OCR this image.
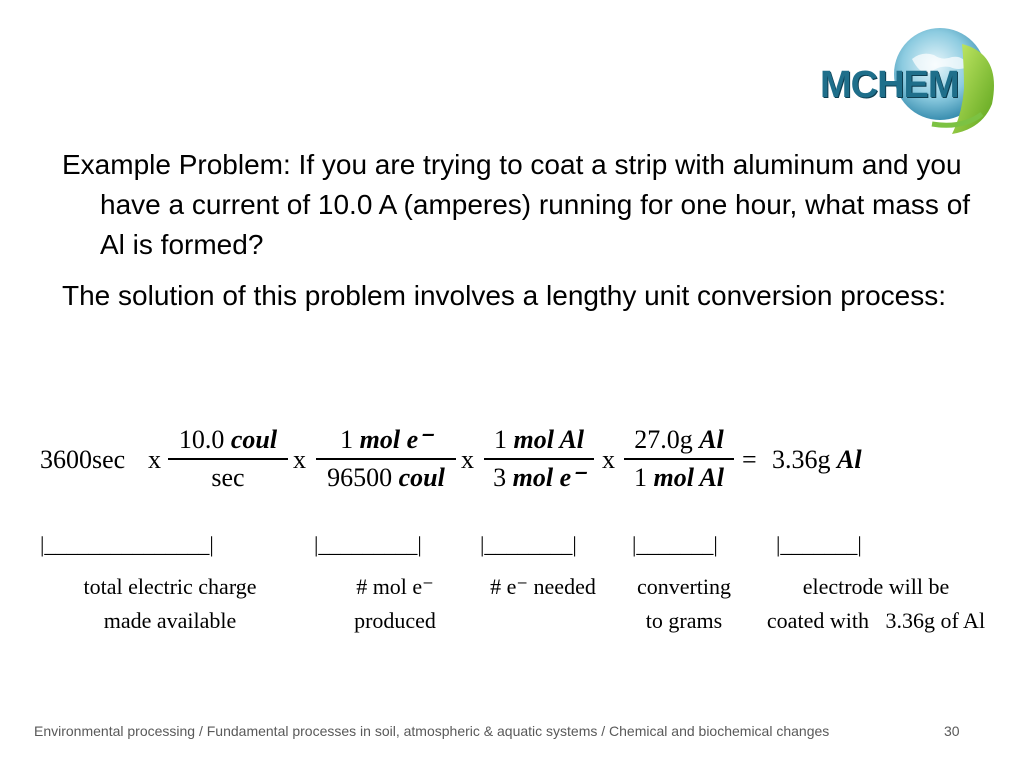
MCHEM
Example Problem: If you are trying to coat a strip with aluminum and you have a current of 10.0 A (amperes) running for one hour, what mass of Al is formed?
The solution of this problem involves a lengthy unit conversion process:
3600sec x
10.0 coul
sec
x
1 mol e⁻
96500 coul
x
1 mol Al
3 mol e⁻
x
27.0g Al
1 mol Al
= 3.36g Al
|_______________|	|_________|	|________|	|_______|	|_______|
total electric charge
made available
# mol e⁻
produced
# e⁻ needed	converting
to grams
electrode will be
coated with   3.36g of Al
Environmental processing / Fundamental processes in soil, atmospheric & aquatic systems / Chemical and biochemical changes	30
